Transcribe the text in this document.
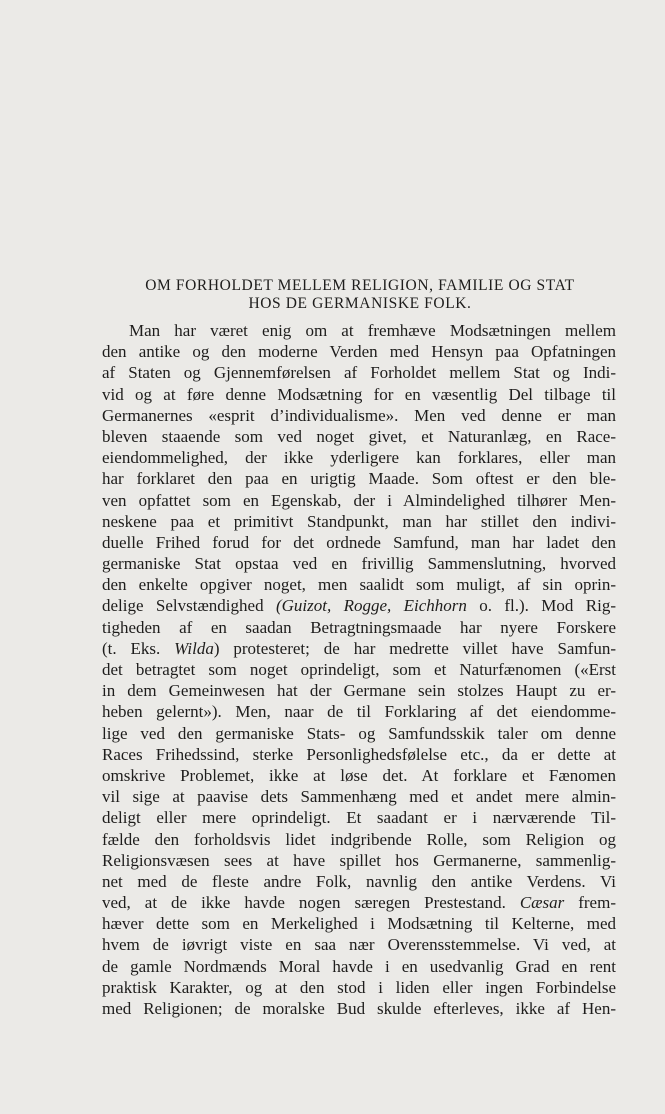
OM FORHOLDET MELLEM RELIGION, FAMILIE OG STAT
HOS DE GERMANISKE FOLK.
Man har været enig om at fremhæve Modsætningen mellem
den antike og den moderne Verden med Hensyn paa Opfatningen
af Staten og Gjennemførelsen af Forholdet mellem Stat og Indi-
vid og at føre denne Modsætning for en væsentlig Del tilbage til
Germanernes «esprit d’individualisme». Men ved denne er man
bleven staaende som ved noget givet, et Naturanlæg, en Race-
eiendommelighed, der ikke yderligere kan forklares, eller man
har forklaret den paa en urigtig Maade. Som oftest er den ble-
ven opfattet som en Egenskab, der i Almindelighed tilhører Men-
neskene paa et primitivt Standpunkt, man har stillet den indivi-
duelle Frihed forud for det ordnede Samfund, man har ladet den
germaniske Stat opstaa ved en frivillig Sammenslutning, hvorved
den enkelte opgiver noget, men saalidt som muligt, af sin oprin-
delige Selvstændighed (Guizot, Rogge, Eichhorn o. fl.). Mod Rig-
tigheden af en saadan Betragtningsmaade har nyere Forskere
(t. Eks. Wilda) protesteret; de har medrette villet have Samfun-
det betragtet som noget oprindeligt, som et Naturfænomen («Erst
in dem Gemeinwesen hat der Germane sein stolzes Haupt zu er-
heben gelernt»). Men, naar de til Forklaring af det eiendomme-
lige ved den germaniske Stats- og Samfundsskik taler om denne
Races Frihedssind, sterke Personlighedsfølelse etc., da er dette at
omskrive Problemet, ikke at løse det. At forklare et Fænomen
vil sige at paavise dets Sammenhæng med et andet mere almin-
deligt eller mere oprindeligt. Et saadant er i nærværende Til-
fælde den forholdsvis lidet indgribende Rolle, som Religion og
Religionsvæsen sees at have spillet hos Germanerne, sammenlig-
net med de fleste andre Folk, navnlig den antike Verdens. Vi
ved, at de ikke havde nogen særegen Prestestand. Cæsar frem-
hæver dette som en Merkelighed i Modsætning til Kelterne, med
hvem de iøvrigt viste en saa nær Overensstemmelse. Vi ved, at
de gamle Nordmænds Moral havde i en usedvanlig Grad en rent
praktisk Karakter, og at den stod i liden eller ingen Forbindelse
med Religionen; de moralske Bud skulde efterleves, ikke af Hen-
